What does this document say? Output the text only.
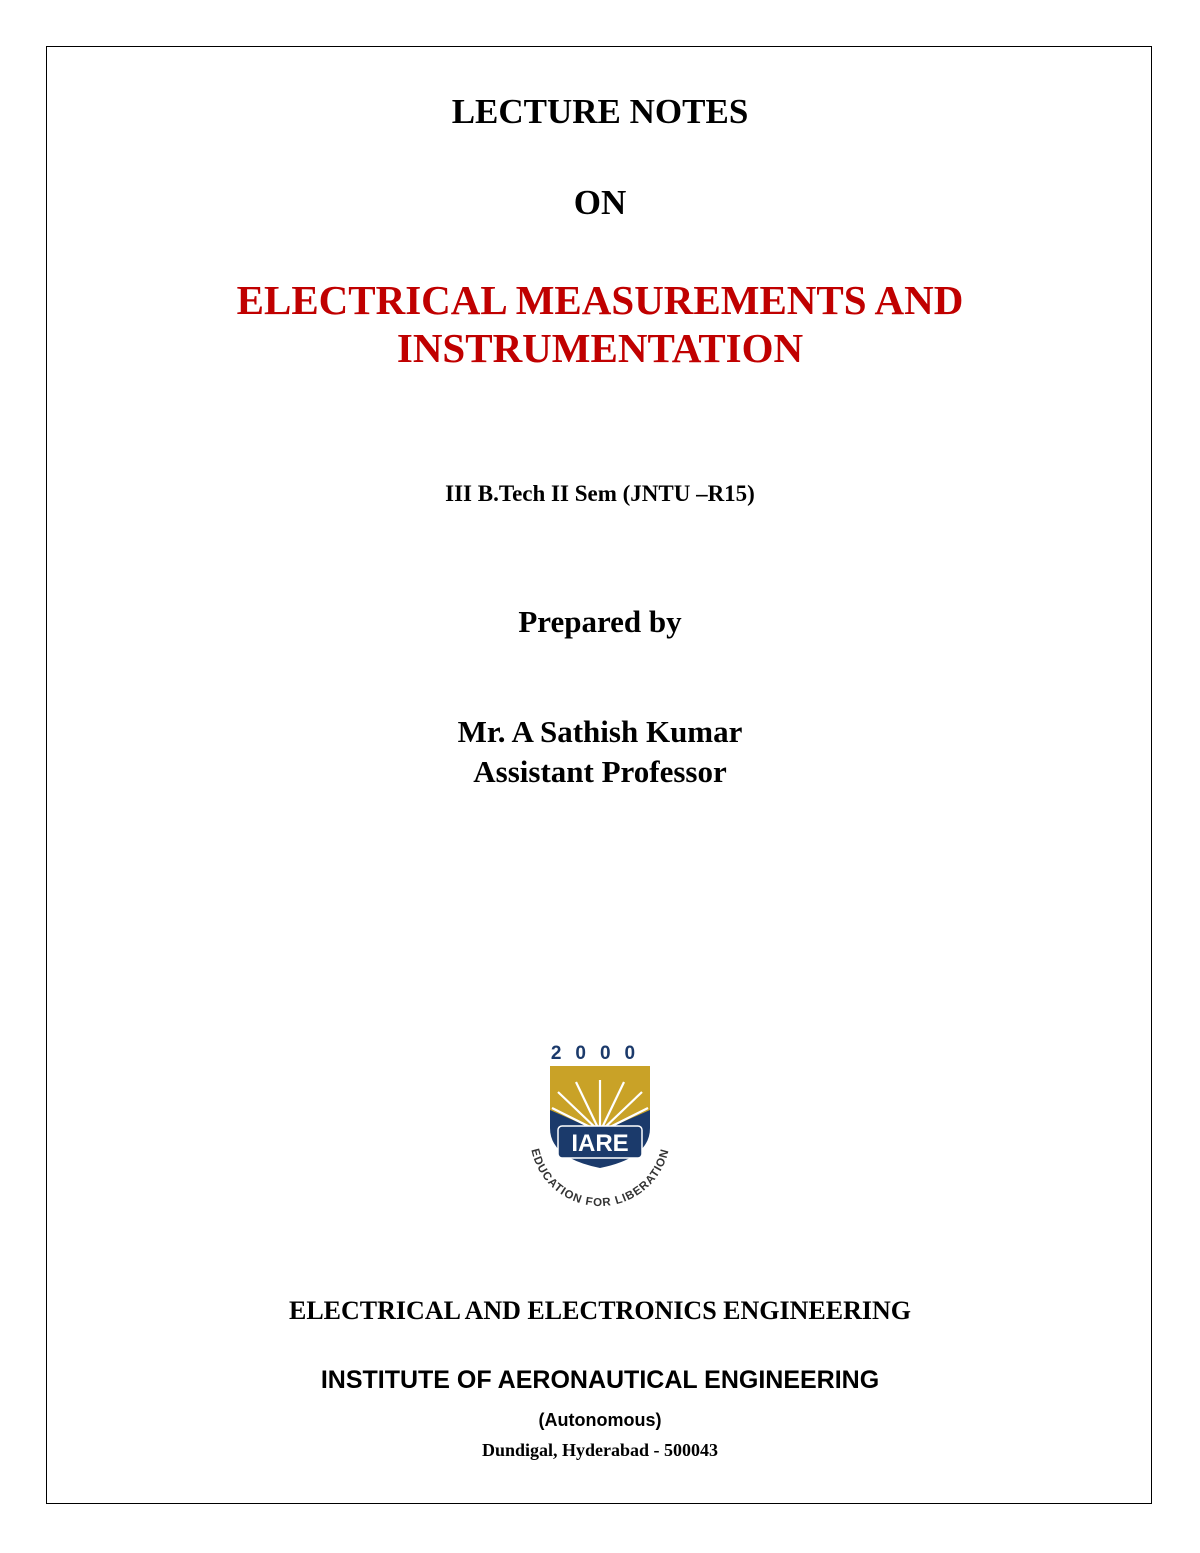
LECTURE NOTES
ON
ELECTRICAL MEASUREMENTS AND
INSTRUMENTATION
III B.Tech II Sem (JNTU –R15)
Prepared by
Mr. A Sathish Kumar
Assistant Professor
2000
IARE
EDUCATION FOR LIBERATION
ELECTRICAL AND ELECTRONICS ENGINEERING
INSTITUTE OF AERONAUTICAL ENGINEERING
(Autonomous)
Dundigal, Hyderabad - 500043
